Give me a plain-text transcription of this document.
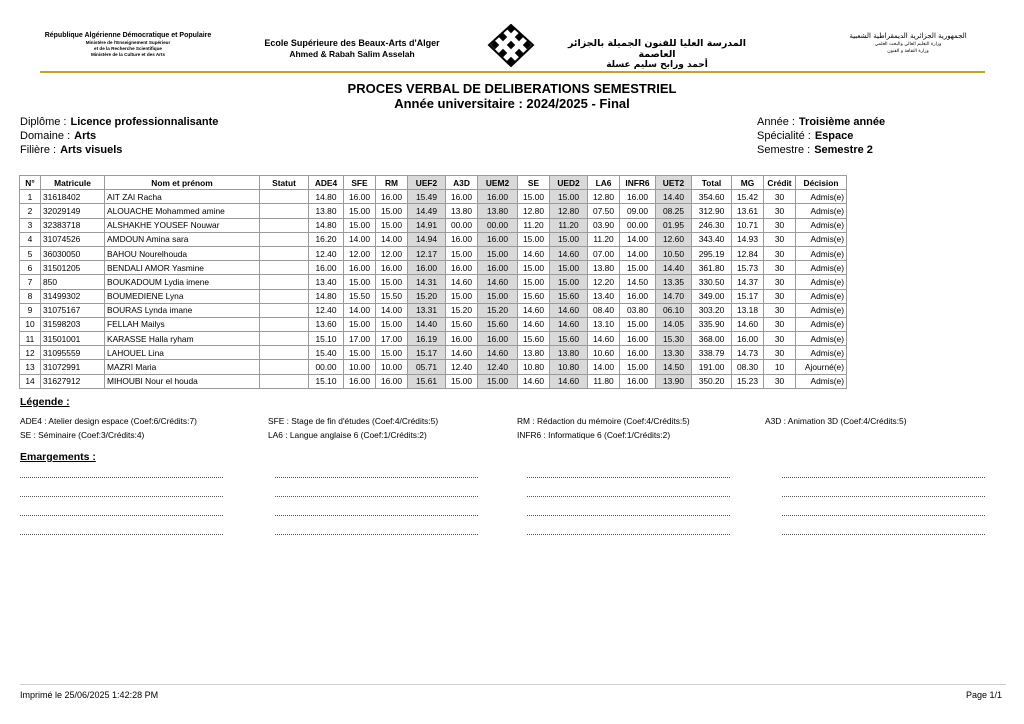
République Algérienne Démocratique et Populaire
Ministère de l'Enseignement Supérieur
et de la Recherche Scientifique
Ministère de la Culture et des Arts
Ecole Supérieure des Beaux-Arts d'Alger
Ahmed & Rabah Salim Asselah
المدرسة العليا للفنون الجميلة بالجزائر العاصمة
أحمد ورابح سليم عسلة
الجمهورية الجزائرية الديمقراطية الشعبية
وزارة التعليم العالي والبحث العلمي
وزارة الثقافة و الفنون
PROCES VERBAL DE DELIBERATIONS SEMESTRIEL
Année universitaire : 2024/2025 - Final
Diplôme : Licence professionnalisante
Domaine : Arts
Filière : Arts visuels
Année : Troisième année
Spécialité : Espace
Semestre : Semestre 2
N°	Matricule	Nom et prénom	Statut	ADE4	SFE	RM	UEF2	A3D	UEM2	SE	UED2	LA6	INFR6	UET2	Total	MG	Crédit	Décision
1	31618402	AIT ZAI Racha		14.80	16.00	16.00	15.49	16.00	16.00	15.00	15.00	12.80	16.00	14.40	354.60	15.42	30	Admis(e)
2	32029149	ALOUACHE Mohammed amine		13.80	15.00	15.00	14.49	13.80	13.80	12.80	12.80	07.50	09.00	08.25	312.90	13.61	30	Admis(e)
3	32383718	ALSHAKHE YOUSEF Nouwar		14.80	15.00	15.00	14.91	00.00	00.00	11.20	11.20	03.90	00.00	01.95	246.30	10.71	30	Admis(e)
4	31074526	AMDOUN Amina sara		16.20	14.00	14.00	14.94	16.00	16.00	15.00	15.00	11.20	14.00	12.60	343.40	14.93	30	Admis(e)
5	36030050	BAHOU Nourelhouda		12.40	12.00	12.00	12.17	15.00	15.00	14.60	14.60	07.00	14.00	10.50	295.19	12.84	30	Admis(e)
6	31501205	BENDALI AMOR Yasmine		16.00	16.00	16.00	16.00	16.00	16.00	15.00	15.00	13.80	15.00	14.40	361.80	15.73	30	Admis(e)
7	850	BOUKADOUM Lydia imene		13.40	15.00	15.00	14.31	14.60	14.60	15.00	15.00	12.20	14.50	13.35	330.50	14.37	30	Admis(e)
8	31499302	BOUMEDIENE Lyna		14.80	15.50	15.50	15.20	15.00	15.00	15.60	15.60	13.40	16.00	14.70	349.00	15.17	30	Admis(e)
9	31075167	BOURAS Lynda imane		12.40	14.00	14.00	13.31	15.20	15.20	14.60	14.60	08.40	03.80	06.10	303.20	13.18	30	Admis(e)
10	31598203	FELLAH Mailys		13.60	15.00	15.00	14.40	15.60	15.60	14.60	14.60	13.10	15.00	14.05	335.90	14.60	30	Admis(e)
11	31501001	KARASSE Halla ryham		15.10	17.00	17.00	16.19	16.00	16.00	15.60	15.60	14.60	16.00	15.30	368.00	16.00	30	Admis(e)
12	31095559	LAHOUEL Lina		15.40	15.00	15.00	15.17	14.60	14.60	13.80	13.80	10.60	16.00	13.30	338.79	14.73	30	Admis(e)
13	31072991	MAZRI Maria		00.00	10.00	10.00	05.71	12.40	12.40	10.80	10.80	14.00	15.00	14.50	191.00	08.30	10	Ajourné(e)
14	31627912	MIHOUBI Nour el houda		15.10	16.00	16.00	15.61	15.00	15.00	14.60	14.60	11.80	16.00	13.90	350.20	15.23	30	Admis(e)
Légende :
ADE4 : Atelier design espace (Coef:6/Crédits:7)	SFE : Stage de fin d'études (Coef:4/Crédits:5)	RM : Rédaction du mémoire (Coef:4/Crédits:5)	A3D : Animation 3D (Coef:4/Crédits:5)
SE : Séminaire (Coef:3/Crédits:4)	LA6 : Langue anglaise 6 (Coef:1/Crédits:2)	INFR6 : Informatique 6 (Coef:1/Crédits:2)
Emargements :
Imprimé le 25/06/2025 1:42:28 PM	Page 1/1
